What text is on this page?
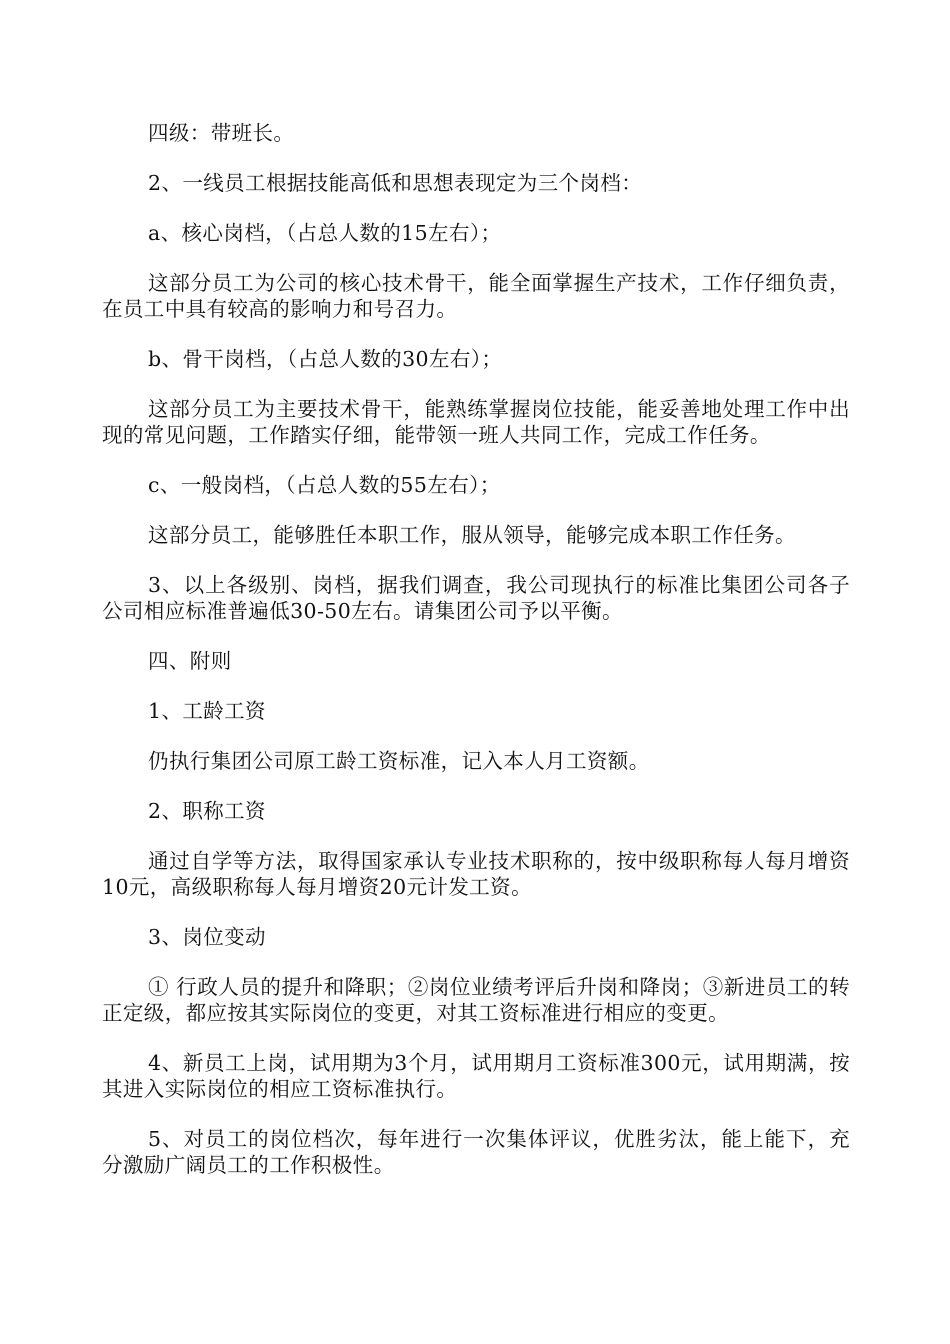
四级：带班长。

2、一线员工根据技能高低和思想表现定为三个岗档：

a、核心岗档，（占总人数的15左右）；

这部分员工为公司的核心技术骨干，能全面掌握生产技术，工作仔细负责，在员工中具有较高的影响力和号召力。

b、骨干岗档，（占总人数的30左右）；

这部分员工为主要技术骨干，能熟练掌握岗位技能，能妥善地处理工作中出现的常见问题，工作踏实仔细，能带领一班人共同工作，完成工作任务。

c、一般岗档，（占总人数的55左右）；

这部分员工，能够胜任本职工作，服从领导，能够完成本职工作任务。

3、以上各级别、岗档，据我们调查，我公司现执行的标准比集团公司各子公司相应标准普遍低30-50左右。请集团公司予以平衡。

四、附则

1、工龄工资

仍执行集团公司原工龄工资标准，记入本人月工资额。

2、职称工资

通过自学等方法，取得国家承认专业技术职称的，按中级职称每人每月增资10元，高级职称每人每月增资20元计发工资。

3、岗位变动

① 行政人员的提升和降职；②岗位业绩考评后升岗和降岗；③新进员工的转正定级，都应按其实际岗位的变更，对其工资标准进行相应的变更。

4、新员工上岗，试用期为3个月，试用期月工资标准300元，试用期满，按其进入实际岗位的相应工资标准执行。

5、对员工的岗位档次，每年进行一次集体评议，优胜劣汰，能上能下，充分激励广阔员工的工作积极性。
